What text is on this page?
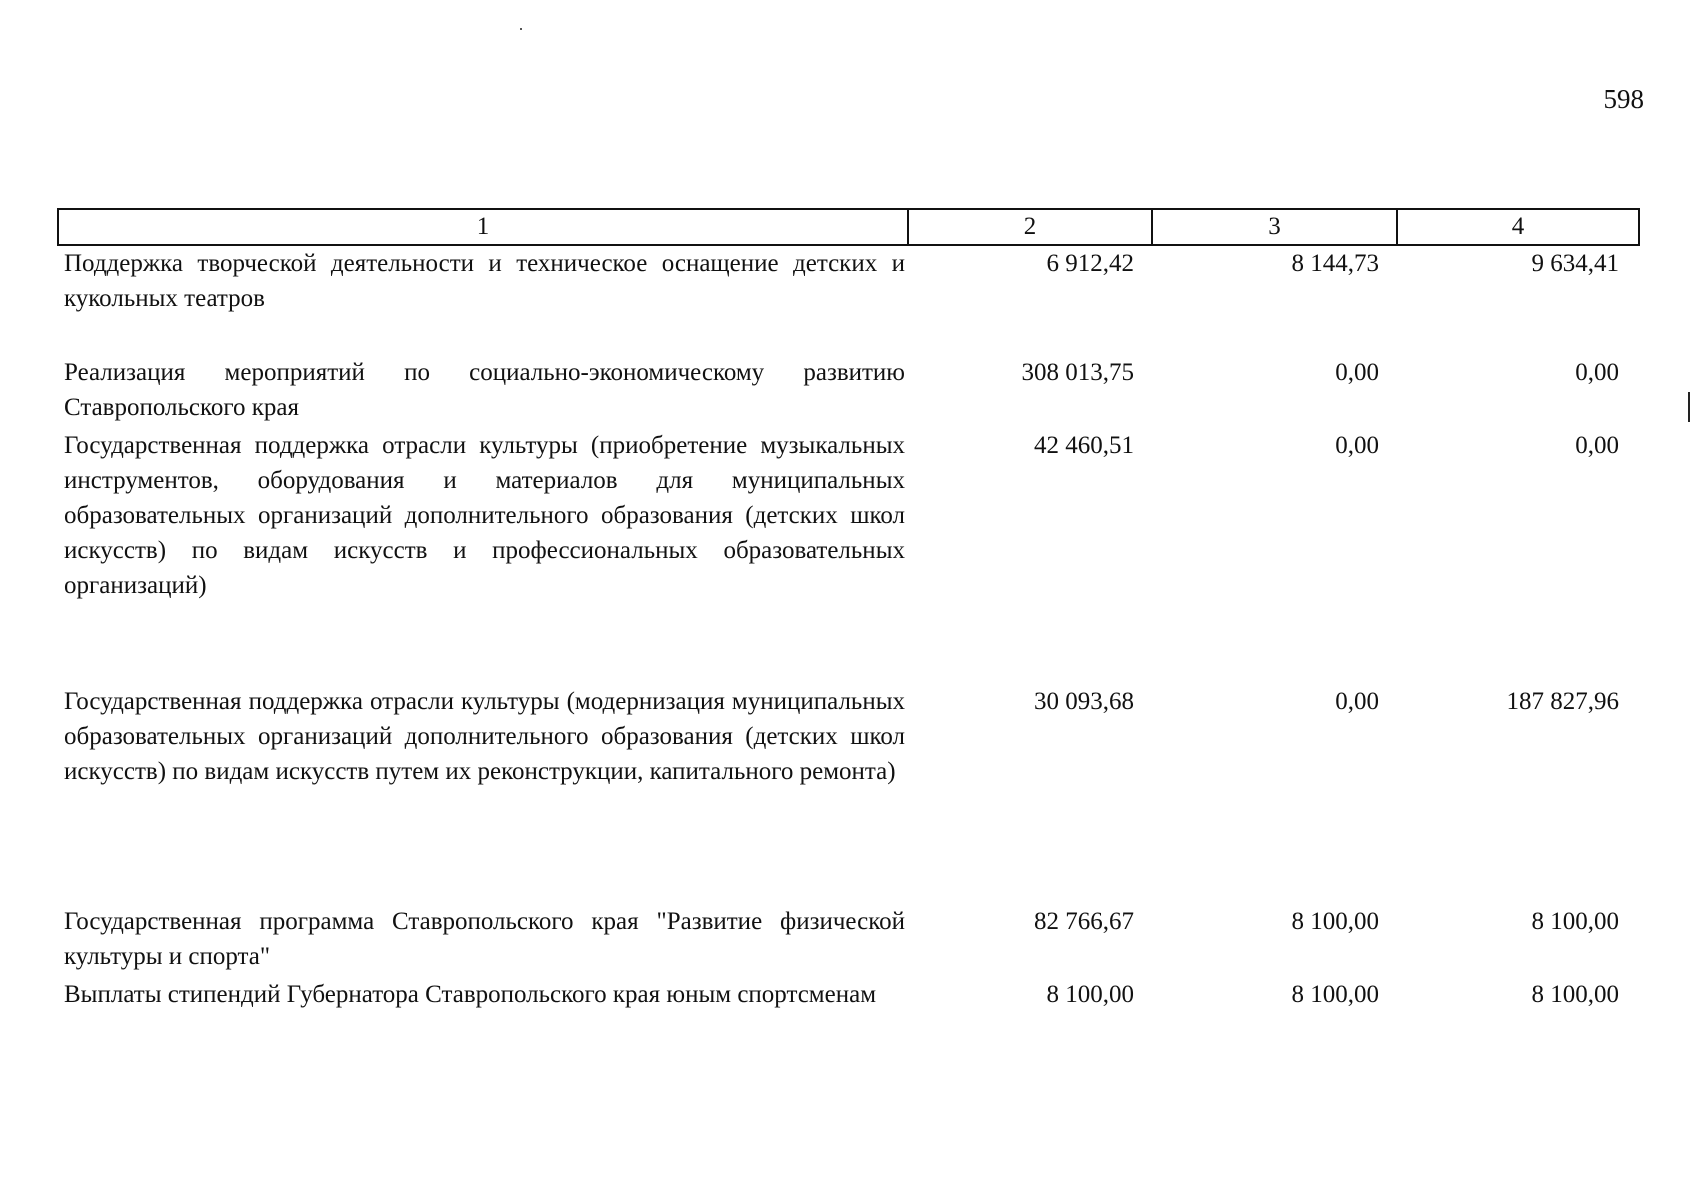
598
1	2	3	4
Поддержка творческой деятельности и техническое оснащение детских и кукольных театров	6 912,42	8 144,73	9 634,41
Реализация мероприятий по социально-экономическому развитию Ставропольского края	308 013,75	0,00	0,00
Государственная поддержка отрасли культуры (приобретение музыкальных инструментов, оборудования и материалов для муниципальных образовательных организаций дополнительного образования (детских школ искусств) по видам искусств и профессиональных образовательных организаций)	42 460,51	0,00	0,00
Государственная поддержка отрасли культуры (модернизация муниципальных образовательных организаций дополнительного образования (детских школ искусств) по видам искусств путем их реконструкции, капитального ремонта)	30 093,68	0,00	187 827,96
Государственная программа Ставропольского края "Развитие физической культуры и спорта"	82 766,67	8 100,00	8 100,00
Выплаты стипендий Губернатора Ставропольского края юным спортсменам	8 100,00	8 100,00	8 100,00
